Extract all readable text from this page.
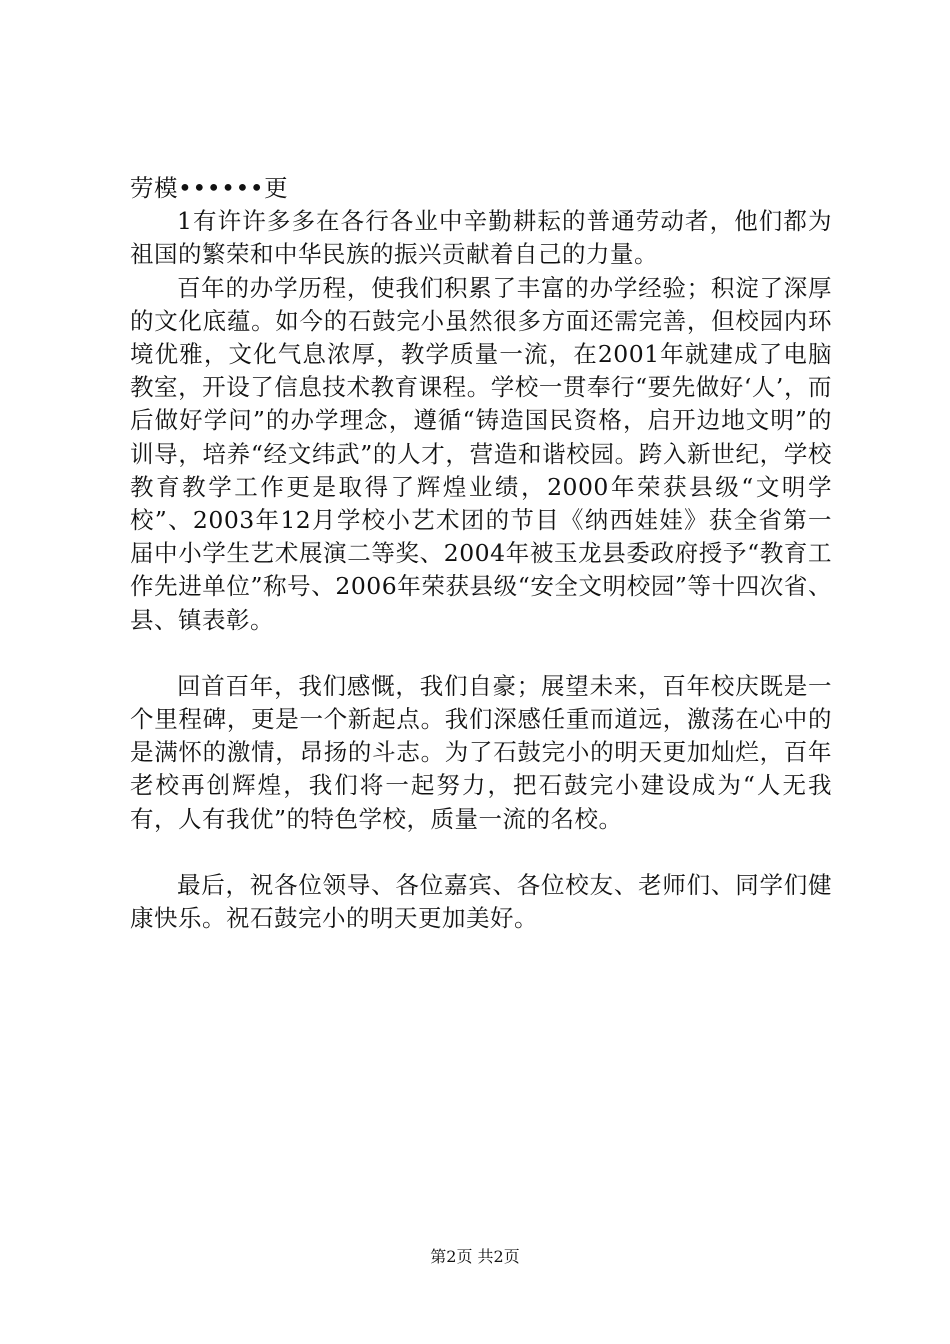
劳模••••••更

1有许许多多在各行各业中辛勤耕耘的普通劳动者，他们都为祖国的繁荣和中华民族的振兴贡献着自己的力量。

百年的办学历程，使我们积累了丰富的办学经验；积淀了深厚的文化底蕴。如今的石鼓完小虽然很多方面还需完善，但校园内环境优雅，文化气息浓厚，教学质量一流，在2001年就建成了电脑教室，开设了信息技术教育课程。学校一贯奉行“要先做好‘人’，而后做好学问”的办学理念，遵循“铸造国民资格，启开边地文明”的训导，培养“经文纬武”的人才，营造和谐校园。跨入新世纪，学校教育教学工作更是取得了辉煌业绩，2000年荣获县级“文明学校”、2003年12月学校小艺术团的节目《纳西娃娃》获全省第一届中小学生艺术展演二等奖、2004年被玉龙县委政府授予“教育工作先进单位”称号、2006年荣获县级“安全文明校园”等十四次省、县、镇表彰。

回首百年，我们感慨，我们自豪；展望未来，百年校庆既是一个里程碑，更是一个新起点。我们深感任重而道远，激荡在心中的是满怀的激情，昂扬的斗志。为了石鼓完小的明天更加灿烂，百年老校再创辉煌，我们将一起努力，把石鼓完小建设成为“人无我有，人有我优”的特色学校，质量一流的名校。

最后，祝各位领导、各位嘉宾、各位校友、老师们、同学们健康快乐。祝石鼓完小的明天更加美好。

第2页 共2页
